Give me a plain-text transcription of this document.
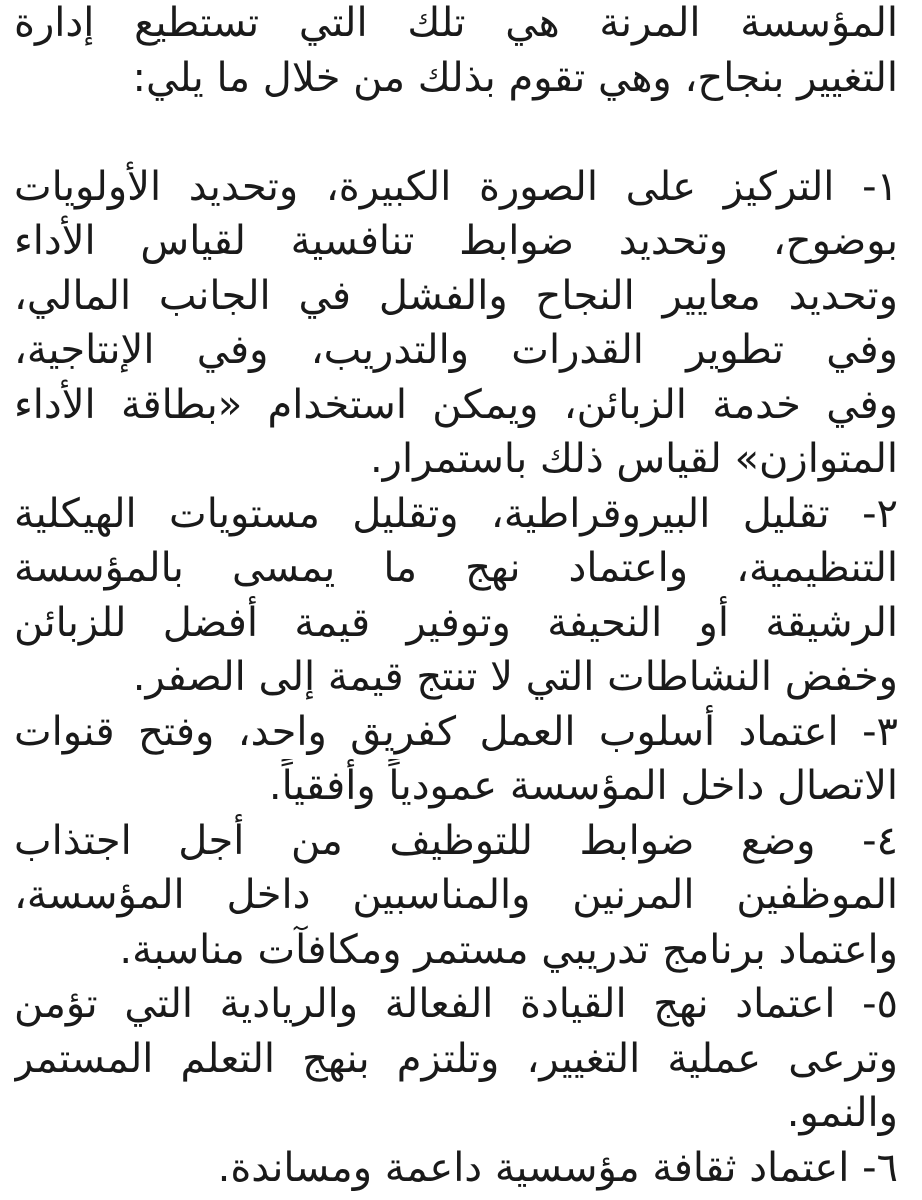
المؤسسة المرنة هي تلك التي تستطيع إدارة
التغيير بنجاح، وهي تقوم بذلك من خلال ما يلي:
١- التركيز على الصورة الكبيرة، وتحديد الأولويات
بوضوح، وتحديد ضوابط تنافسية لقياس الأداء
وتحديد معايير النجاح والفشل في الجانب المالي،
وفي تطوير القدرات والتدريب، وفي الإنتاجية،
وفي خدمة الزبائن، ويمكن استخدام «بطاقة الأداء
المتوازن» لقياس ذلك باستمرار.
٢- تقليل البيروقراطية، وتقليل مستويات الهيكلية
التنظيمية، واعتماد نهج ما يمسى بالمؤسسة
الرشيقة أو النحيفة وتوفير قيمة أفضل للزبائن
وخفض النشاطات التي لا تنتج قيمة إلى الصفر.
٣- اعتماد أسلوب العمل كفريق واحد، وفتح قنوات
الاتصال داخل المؤسسة عمودياً وأفقياً.
٤- وضع ضوابط للتوظيف من أجل اجتذاب
الموظفين المرنين والمناسبين داخل المؤسسة،
واعتماد برنامج تدريبي مستمر ومكافآت مناسبة.
٥- اعتماد نهج القيادة الفعالة والريادية التي تؤمن
وترعى عملية التغيير، وتلتزم بنهج التعلم المستمر
والنمو.
٦- اعتماد ثقافة مؤسسية داعمة ومساندة.
